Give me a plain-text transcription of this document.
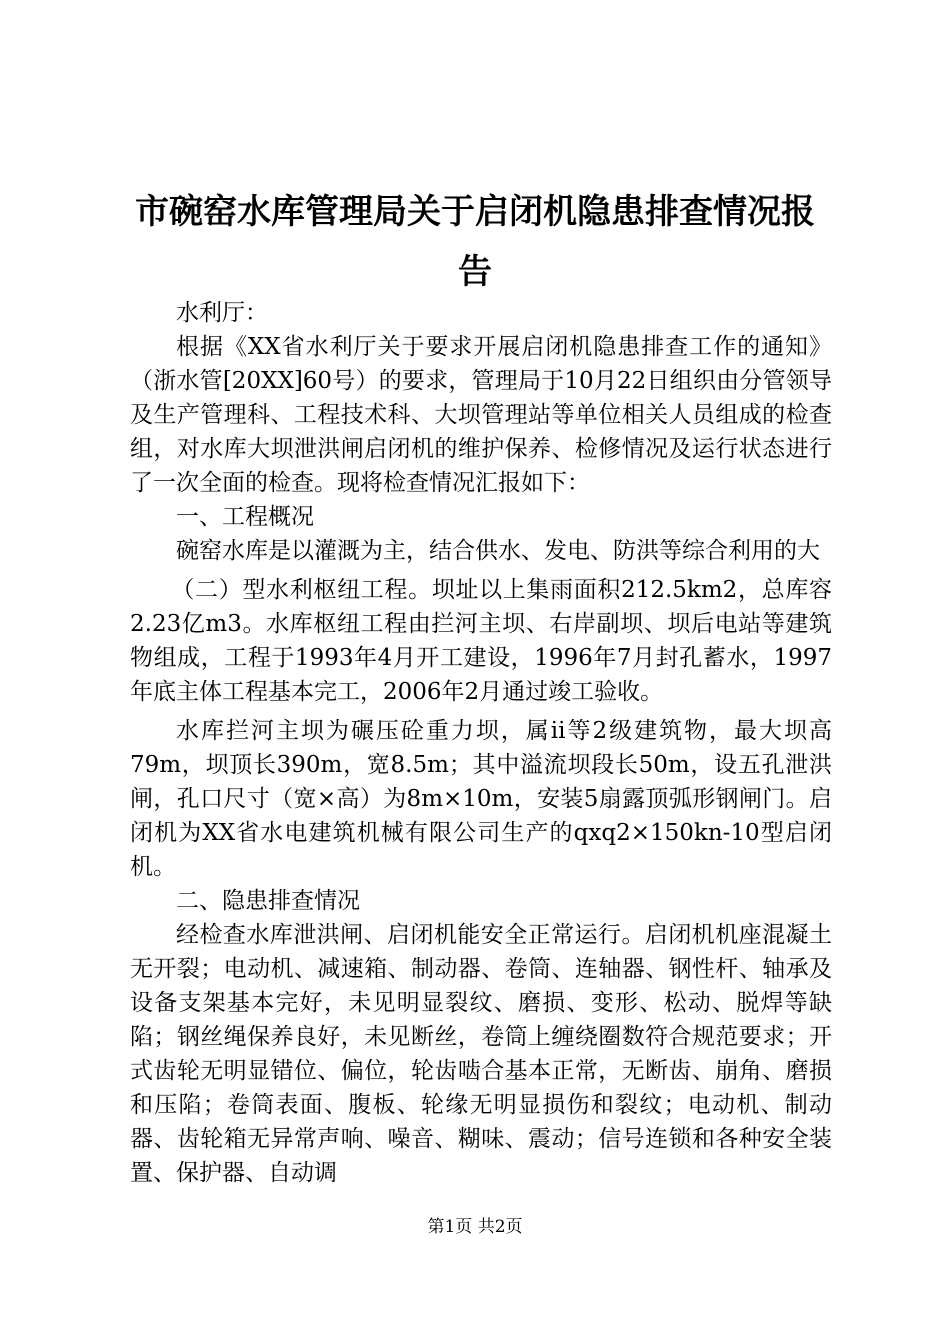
市碗窑水库管理局关于启闭机隐患排查情况报告

水利厅：

根据《XX省水利厅关于要求开展启闭机隐患排查工作的通知》（浙水管[20XX]60号）的要求，管理局于10月22日组织由分管领导及生产管理科、工程技术科、大坝管理站等单位相关人员组成的检查组，对水库大坝泄洪闸启闭机的维护保养、检修情况及运行状态进行了一次全面的检查。现将检查情况汇报如下：

一、工程概况

碗窑水库是以灌溉为主，结合供水、发电、防洪等综合利用的大

（二）型水利枢纽工程。坝址以上集雨面积212.5km2，总库容2.23亿m3。水库枢纽工程由拦河主坝、右岸副坝、坝后电站等建筑物组成，工程于1993年4月开工建设，1996年7月封孔蓄水，1997年底主体工程基本完工，2006年2月通过竣工验收。

水库拦河主坝为碾压砼重力坝，属ii等2级建筑物，最大坝高79m，坝顶长390m，宽8.5m；其中溢流坝段长50m，设五孔泄洪闸，孔口尺寸（宽×高）为8m×10m，安装5扇露顶弧形钢闸门。启闭机为XX省水电建筑机械有限公司生产的qxq2×150kn-10型启闭机。

二、隐患排查情况

经检查水库泄洪闸、启闭机能安全正常运行。启闭机机座混凝土无开裂；电动机、减速箱、制动器、卷筒、连轴器、钢性杆、轴承及设备支架基本完好，未见明显裂纹、磨损、变形、松动、脱焊等缺陷；钢丝绳保养良好，未见断丝，卷筒上缠绕圈数符合规范要求；开式齿轮无明显错位、偏位，轮齿啮合基本正常，无断齿、崩角、磨损和压陷；卷筒表面、腹板、轮缘无明显损伤和裂纹；电动机、制动器、齿轮箱无异常声响、噪音、糊味、震动；信号连锁和各种安全装置、保护器、自动调

第1页 共2页
